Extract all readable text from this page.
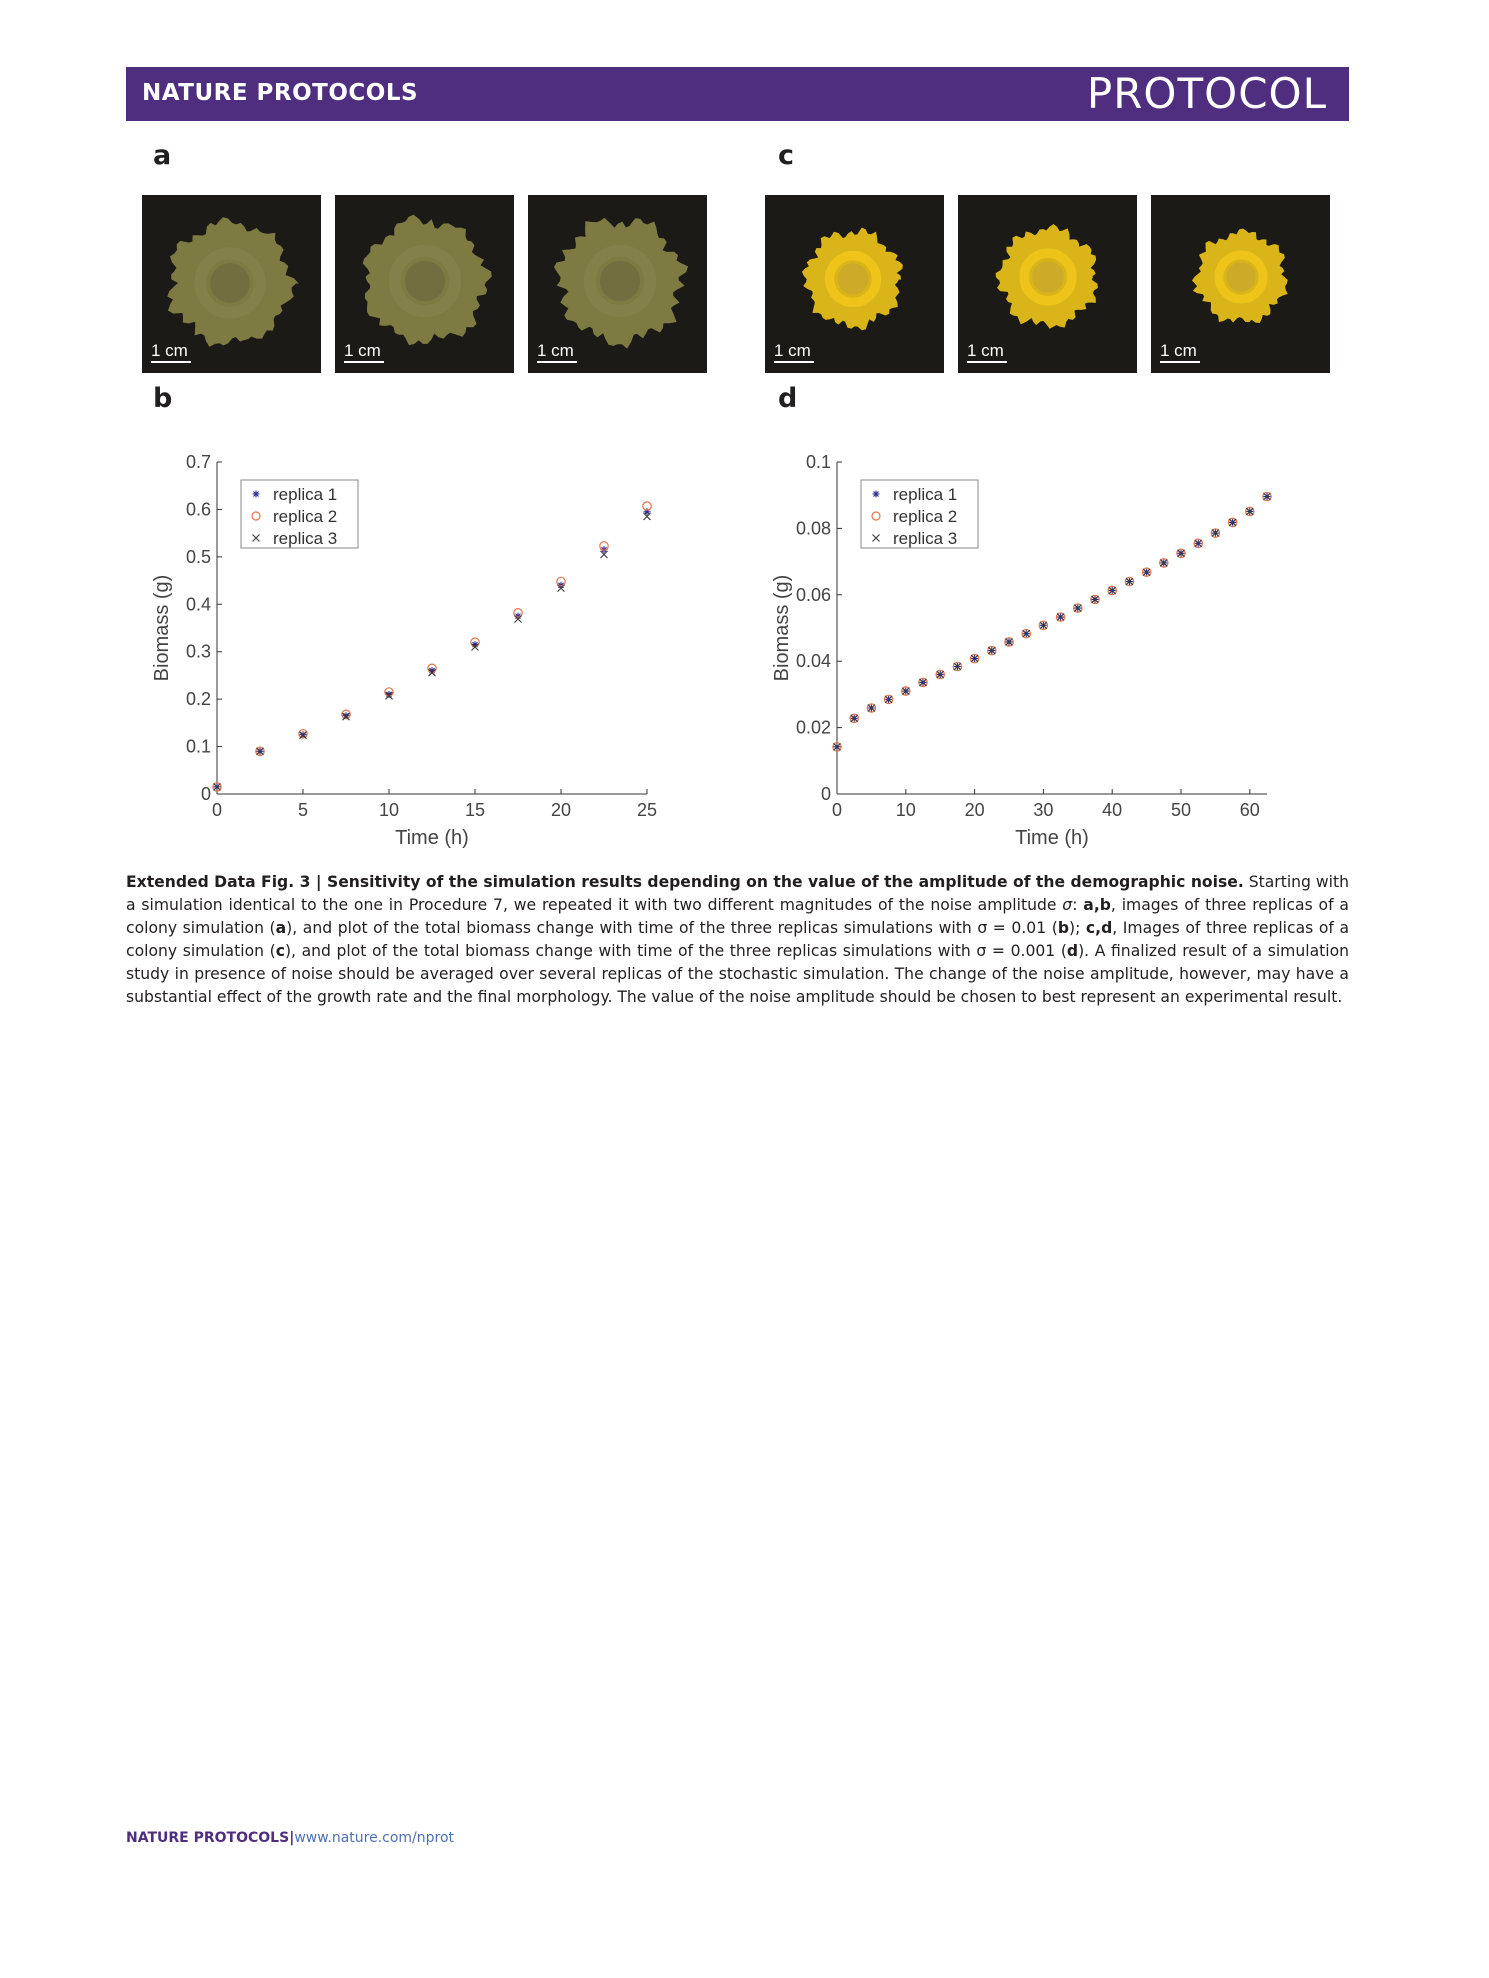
NATURE PROTOCOLS	PROTOCOL
a	c
b	d
1 cm	1 cm	1 cm	1 cm	1 cm	1 cm
0
0.1
0.2
0.3
0.4
0.5
0.6
0.7
0	5	10	15	20	25
Time (h)
Biomass (g)
replica 1
replica 2
replica 3
0
0.02
0.04
0.06
0.08
0.1
0	10	20	30	40	50	60
Time (h)
Biomass (g)
replica 1
replica 2
replica 3
Extended Data Fig. 3 | Sensitivity of the simulation results depending on the value of the amplitude of the demographic noise. Starting with a simulation identical to the one in Procedure 7, we repeated it with two different magnitudes of the noise amplitude σ: a,b, images of three replicas of a colony simulation (a), and plot of the total biomass change with time of the three replicas simulations with σ = 0.01 (b); c,d, Images of three replicas of a colony simulation (c), and plot of the total biomass change with time of the three replicas simulations with σ = 0.001 (d). A finalized result of a simulation study in presence of noise should be averaged over several replicas of the stochastic simulation. The change of the noise amplitude, however, may have a substantial effect of the growth rate and the final morphology. The value of the noise amplitude should be chosen to best represent an experimental result.
NATURE PROTOCOLS|www.nature.com/nprot
